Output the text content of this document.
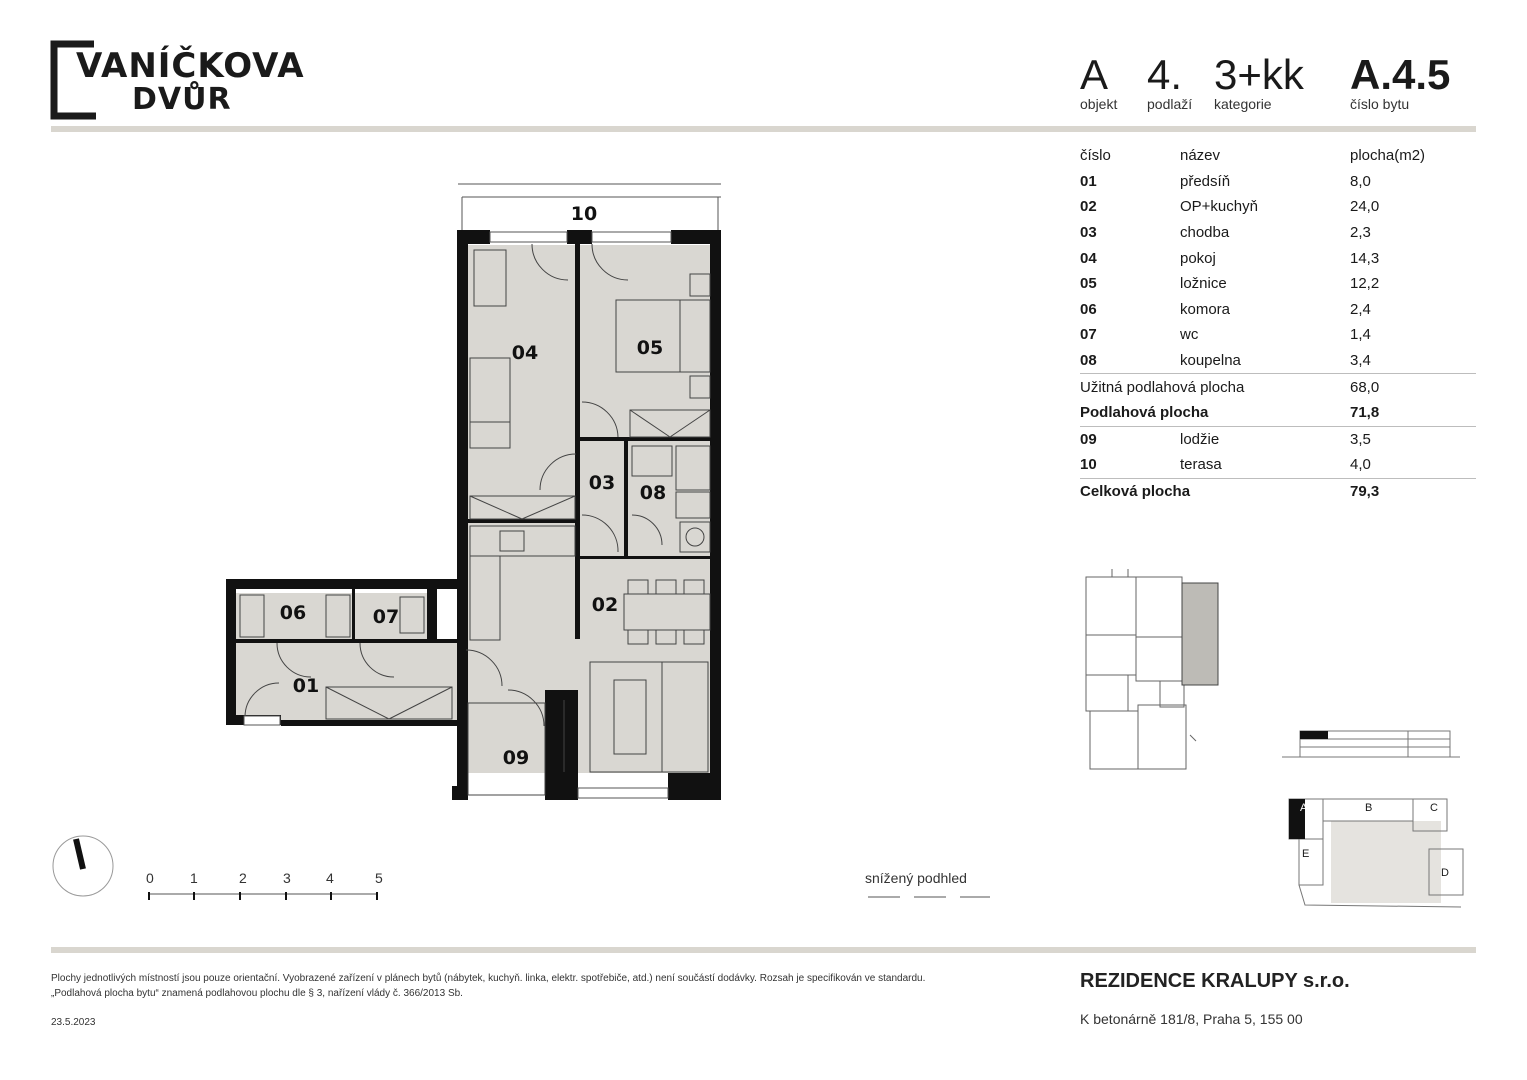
VANÍČKOVA
DVŮR
A
objekt
4.
podlaží
3+kk
kategorie
A.4.5
číslo bytu
číslo	název	plocha(m2)
01	předsíň	8,0
02	OP+kuchyň	24,0
03	chodba	2,3
04	pokoj	14,3
05	ložnice	12,2
06	komora	2,4
07	wc	1,4
08	koupelna	3,4
Užitná podlahová plocha		68,0
Podlahová plocha		71,8
09	lodžie	3,5
10	terasa	4,0
Celková plocha		79,3
10
04	05
03 08
02
06	07
01
09
0	1	2	3	4	5	snížený podhled
A	B	C
E
D
Plochy jednotlivých místností jsou pouze orientační. Vyobrazené zařízení v plánech bytů (nábytek, kuchyň. linka, elektr. spotřebiče, atd.) není součástí dodávky. Rozsah je specifikován ve standardu.
„Podlahová plocha bytu“ znamená podlahovou plochu dle § 3, nařízení vlády č. 366/2013 Sb.
23.5.2023
REZIDENCE KRALUPY s.r.o.
K betonárně 181/8, Praha 5, 155 00
